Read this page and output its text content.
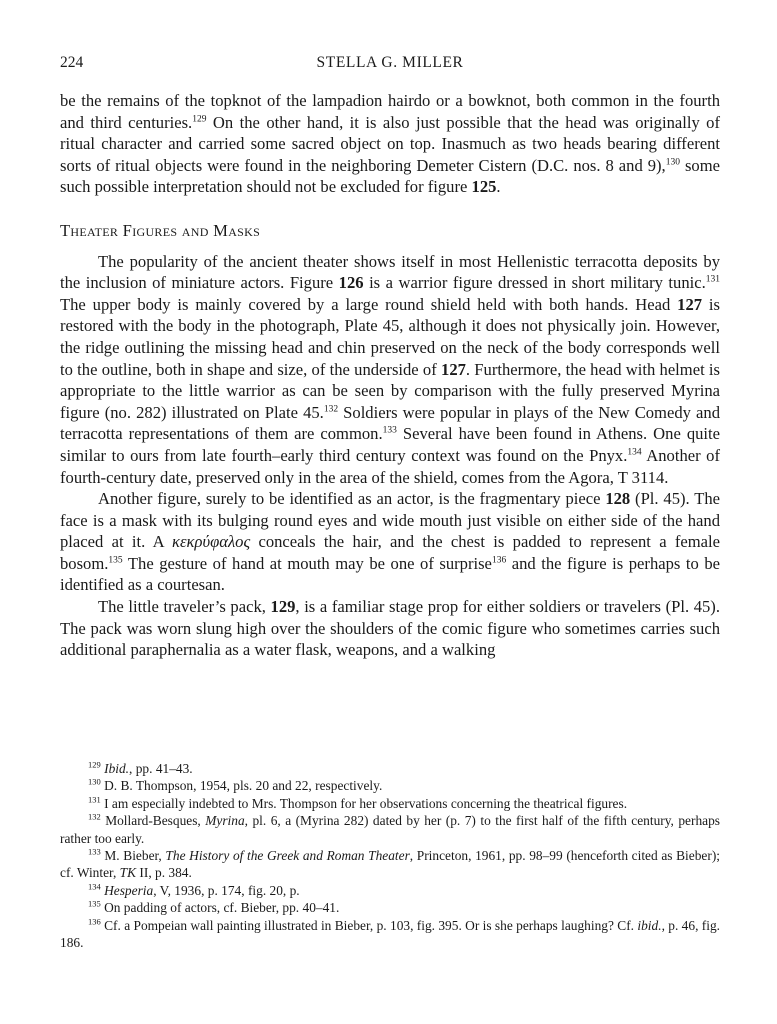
224	STELLA G. MILLER

be the remains of the topknot of the lampadion hairdo or a bowknot, both common in the fourth and third centuries.$^{129}$ On the other hand, it is also just possible that the head was originally of ritual character and carried some sacred object on top. Inasmuch as two heads bearing different sorts of ritual objects were found in the neighboring Demeter Cistern (D.C. nos. 8 and 9),$^{130}$ some such possible interpretation should not be excluded for figure 125.

Theater Figures and Masks

The popularity of the ancient theater shows itself in most Hellenistic terracotta deposits by the inclusion of miniature actors. Figure 126 is a warrior figure dressed in short military tunic.$^{131}$ The upper body is mainly covered by a large round shield held with both hands. Head 127 is restored with the body in the photograph, Plate 45, although it does not physically join. However, the ridge outlining the missing head and chin preserved on the neck of the body corresponds well to the outline, both in shape and size, of the underside of 127. Furthermore, the head with helmet is appropriate to the little warrior as can be seen by comparison with the fully preserved Myrina figure (no. 282) illustrated on Plate 45.$^{132}$ Soldiers were popular in plays of the New Comedy and terracotta representations of them are common.$^{133}$ Several have been found in Athens. One quite similar to ours from late fourth–early third century context was found on the Pnyx.$^{134}$ Another of fourth-century date, preserved only in the area of the shield, comes from the Agora, T 3114.

Another figure, surely to be identified as an actor, is the fragmentary piece 128 (Pl. 45). The face is a mask with its bulging round eyes and wide mouth just visible on either side of the hand placed at it. A κεκρύφαλος conceals the hair, and the chest is padded to represent a female bosom.$^{135}$ The gesture of hand at mouth may be one of surprise$^{136}$ and the figure is perhaps to be identified as a courtesan.

The little traveler’s pack, 129, is a familiar stage prop for either soldiers or travelers (Pl. 45). The pack was worn slung high over the shoulders of the comic figure who sometimes carries such additional paraphernalia as a water flask, weapons, and a walking

$^{129}$ Ibid., pp. 41–43.

$^{130}$ D. B. Thompson, 1954, pls. 20 and 22, respectively.

$^{131}$ I am especially indebted to Mrs. Thompson for her observations concerning the theatrical figures.

$^{132}$ Mollard-Besques, Myrina, pl. 6, a (Myrina 282) dated by her (p. 7) to the first half of the fifth century, perhaps rather too early.

$^{133}$ M. Bieber, The History of the Greek and Roman Theater, Princeton, 1961, pp. 98–99 (henceforth cited as Bieber); cf. Winter, TK II, p. 384.

$^{134}$ Hesperia, V, 1936, p. 174, fig. 20, p.

$^{135}$ On padding of actors, cf. Bieber, pp. 40–41.

$^{136}$ Cf. a Pompeian wall painting illustrated in Bieber, p. 103, fig. 395. Or is she perhaps laughing? Cf. ibid., p. 46, fig. 186.
